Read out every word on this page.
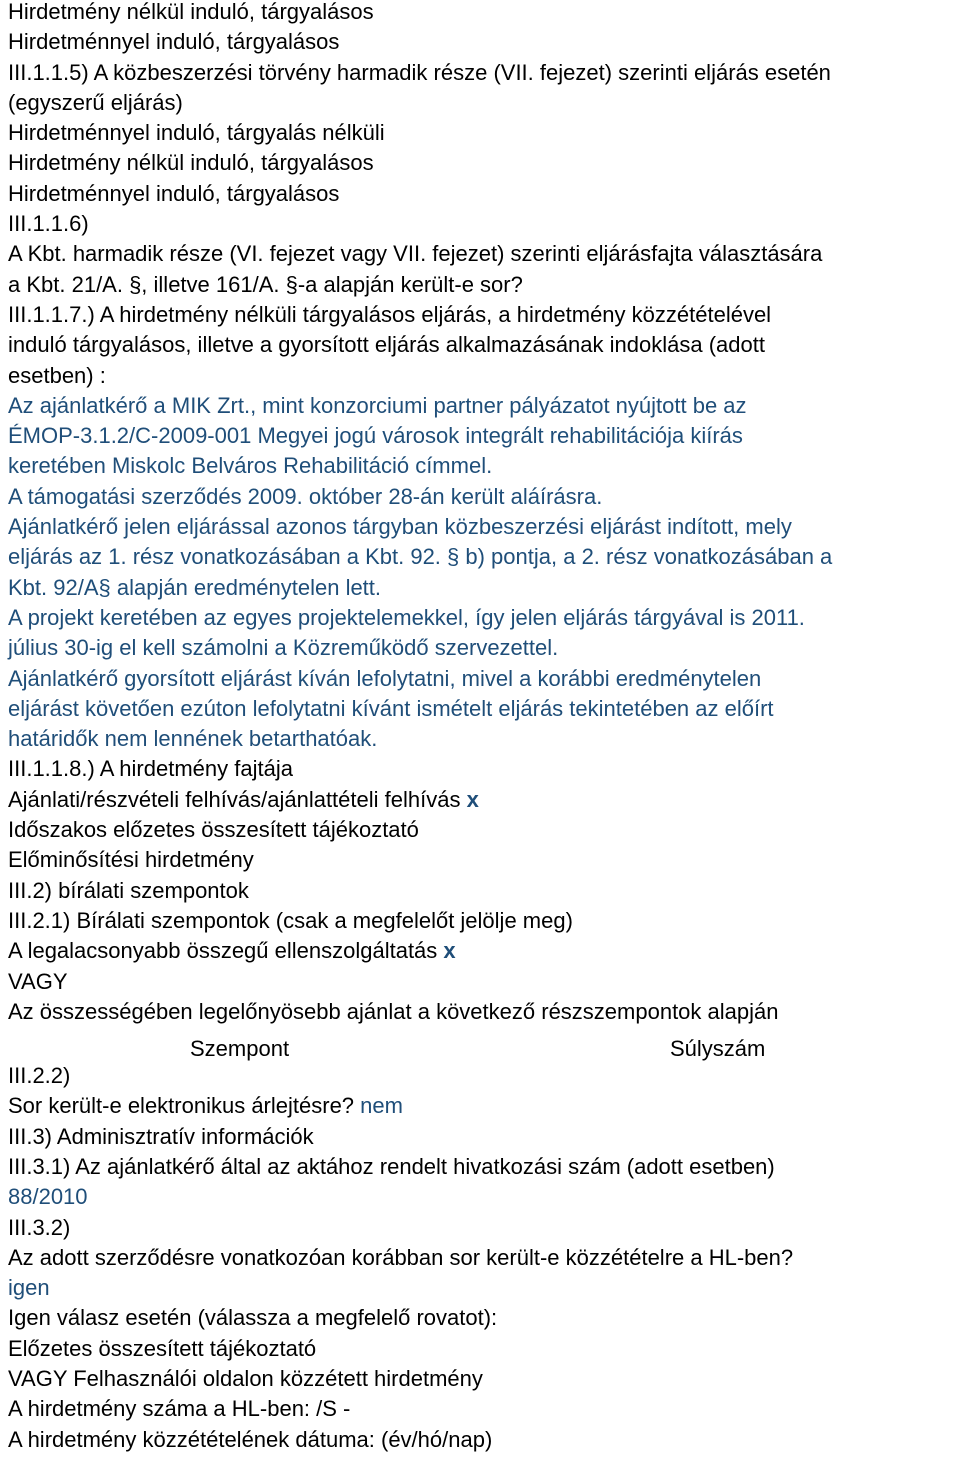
Hirdetmény nélkül induló, tárgyalásos
Hirdetménnyel induló, tárgyalásos
III.1.1.5) A közbeszerzési törvény harmadik része (VII. fejezet) szerinti eljárás esetén
(egyszerű eljárás)
Hirdetménnyel induló, tárgyalás nélküli
Hirdetmény nélkül induló, tárgyalásos
Hirdetménnyel induló, tárgyalásos
III.1.1.6)
A Kbt. harmadik része (VI. fejezet vagy VII. fejezet) szerinti eljárásfajta választására
a Kbt. 21/A. §, illetve 161/A. §-a alapján került-e sor?
III.1.1.7.) A hirdetmény nélküli tárgyalásos eljárás, a hirdetmény közzétételével
induló tárgyalásos, illetve a gyorsított eljárás alkalmazásának indoklása (adott
esetben) :
Az ajánlatkérő a MIK Zrt., mint konzorciumi partner pályázatot nyújtott be az
ÉMOP-3.1.2/C-2009-001 Megyei jogú városok integrált rehabilitációja kiírás
keretében Miskolc Belváros Rehabilitáció címmel.
A támogatási szerződés 2009. október 28-án került aláírásra.
Ajánlatkérő jelen eljárással azonos tárgyban közbeszerzési eljárást indított, mely
eljárás az 1. rész vonatkozásában a Kbt. 92. § b) pontja, a 2. rész vonatkozásában a
Kbt. 92/A§ alapján eredménytelen lett.
A projekt keretében az egyes projektelemekkel, így jelen eljárás tárgyával is 2011.
július 30-ig el kell számolni a Közreműködő szervezettel.
Ajánlatkérő gyorsított eljárást kíván lefolytatni, mivel a korábbi eredménytelen
eljárást követően ezúton lefolytatni kívánt ismételt eljárás tekintetében az előírt
határidők nem lennének betarthatóak.
III.1.1.8.) A hirdetmény fajtája
Ajánlati/részvételi felhívás/ajánlattételi felhívás x
Időszakos előzetes összesített tájékoztató
Előminősítési hirdetmény
III.2) bírálati szempontok
III.2.1) Bírálati szempontok (csak a megfelelőt jelölje meg)
A legalacsonyabb összegű ellenszolgáltatás x
VAGY
Az összességében legelőnyösebb ajánlat a következő részszempontok alapján
Szempont	Súlyszám
III.2.2)
Sor került-e elektronikus árlejtésre? nem
III.3) Adminisztratív információk
III.3.1) Az ajánlatkérő által az aktához rendelt hivatkozási szám (adott esetben)
88/2010
III.3.2)
Az adott szerződésre vonatkozóan korábban sor került-e közzétételre a HL-ben?
igen
Igen válasz esetén (válassza a megfelelő rovatot):
Előzetes összesített tájékoztató
VAGY Felhasználói oldalon közzétett hirdetmény
A hirdetmény száma a HL-ben: /S -
A hirdetmény közzétételének dátuma: (év/hó/nap)
